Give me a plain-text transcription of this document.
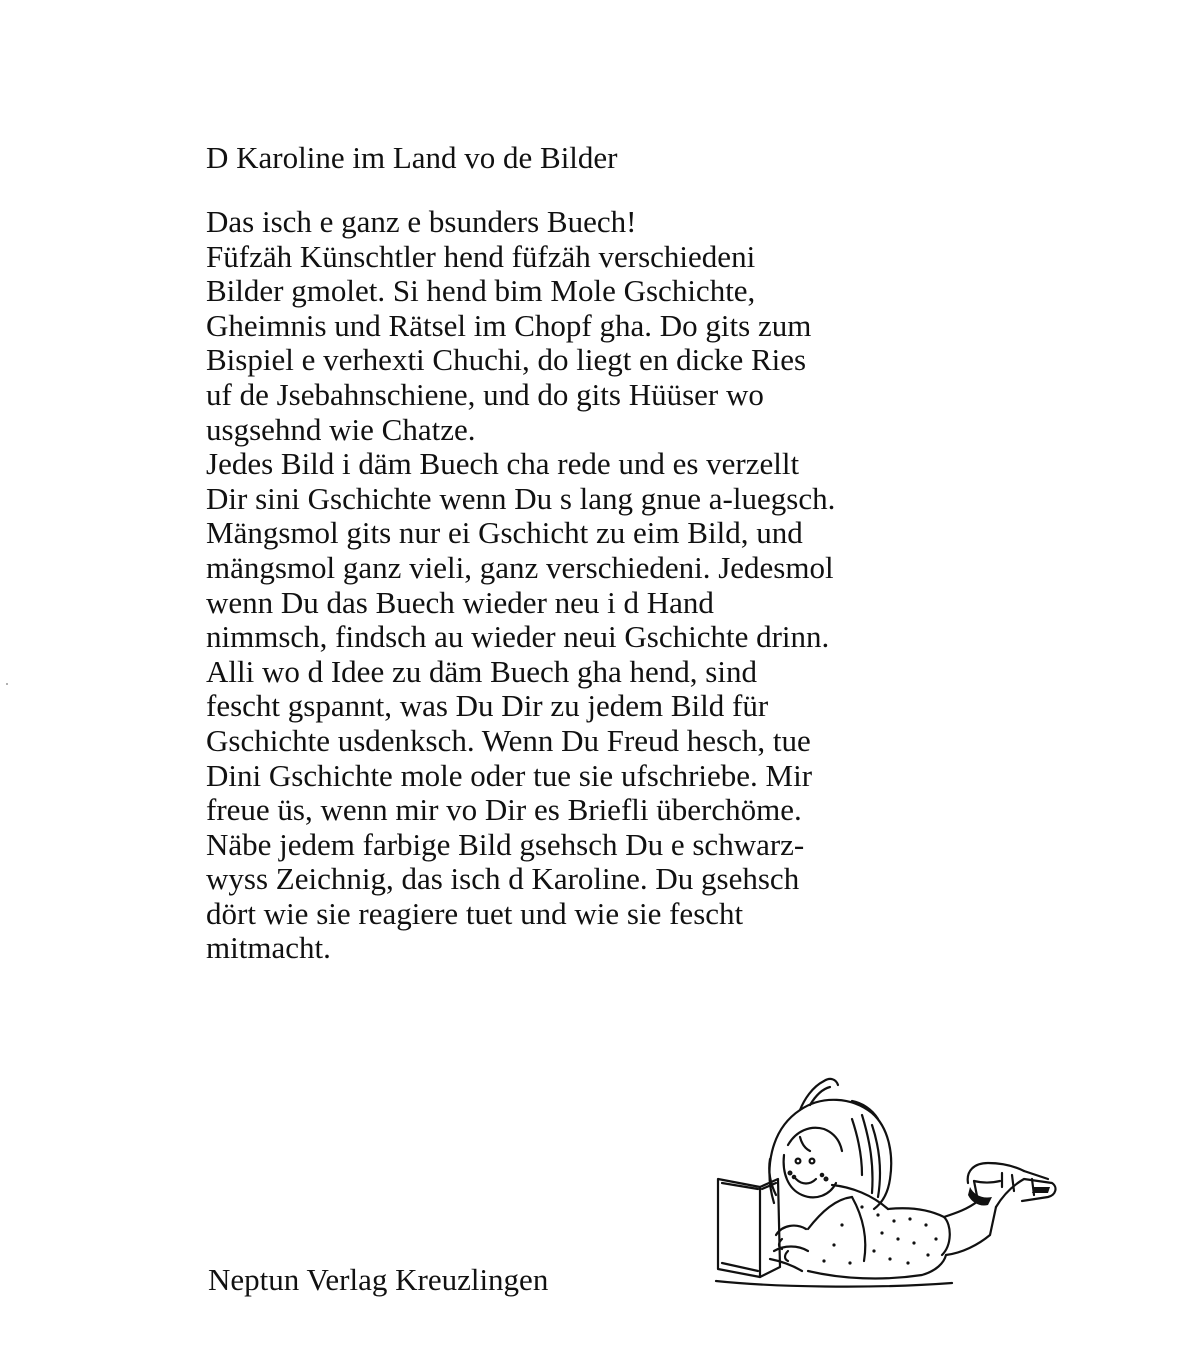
D Karoline im Land vo de Bilder
Das isch e ganz e bsunders Buech!
Füfzäh Künschtler hend füfzäh verschiedeni
Bilder gmolet. Si hend bim Mole Gschichte,
Gheimnis und Rätsel im Chopf gha. Do gits zum
Bispiel e verhexti Chuchi, do liegt en dicke Ries
uf de Jsebahnschiene, und do gits Hüüser wo
usgsehnd wie Chatze.
Jedes Bild i däm Buech cha rede und es verzellt
Dir sini Gschichte wenn Du s lang gnue a-luegsch.
Mängsmol gits nur ei Gschicht zu eim Bild, und
mängsmol ganz vieli, ganz verschiedeni. Jedesmol
wenn Du das Buech wieder neu i d Hand
nimmsch, findsch au wieder neui Gschichte drinn.
Alli wo d Idee zu däm Buech gha hend, sind
fescht gspannt, was Du Dir zu jedem Bild für
Gschichte usdenksch. Wenn Du Freud hesch, tue
Dini Gschichte mole oder tue sie ufschriebe. Mir
freue üs, wenn mir vo Dir es Briefli überchöme.
Näbe jedem farbige Bild gsehsch Du e schwarz-
wyss Zeichnig, das isch d Karoline. Du gsehsch
dört wie sie reagiere tuet und wie sie fescht
mitmacht.
Neptun Verlag Kreuzlingen
